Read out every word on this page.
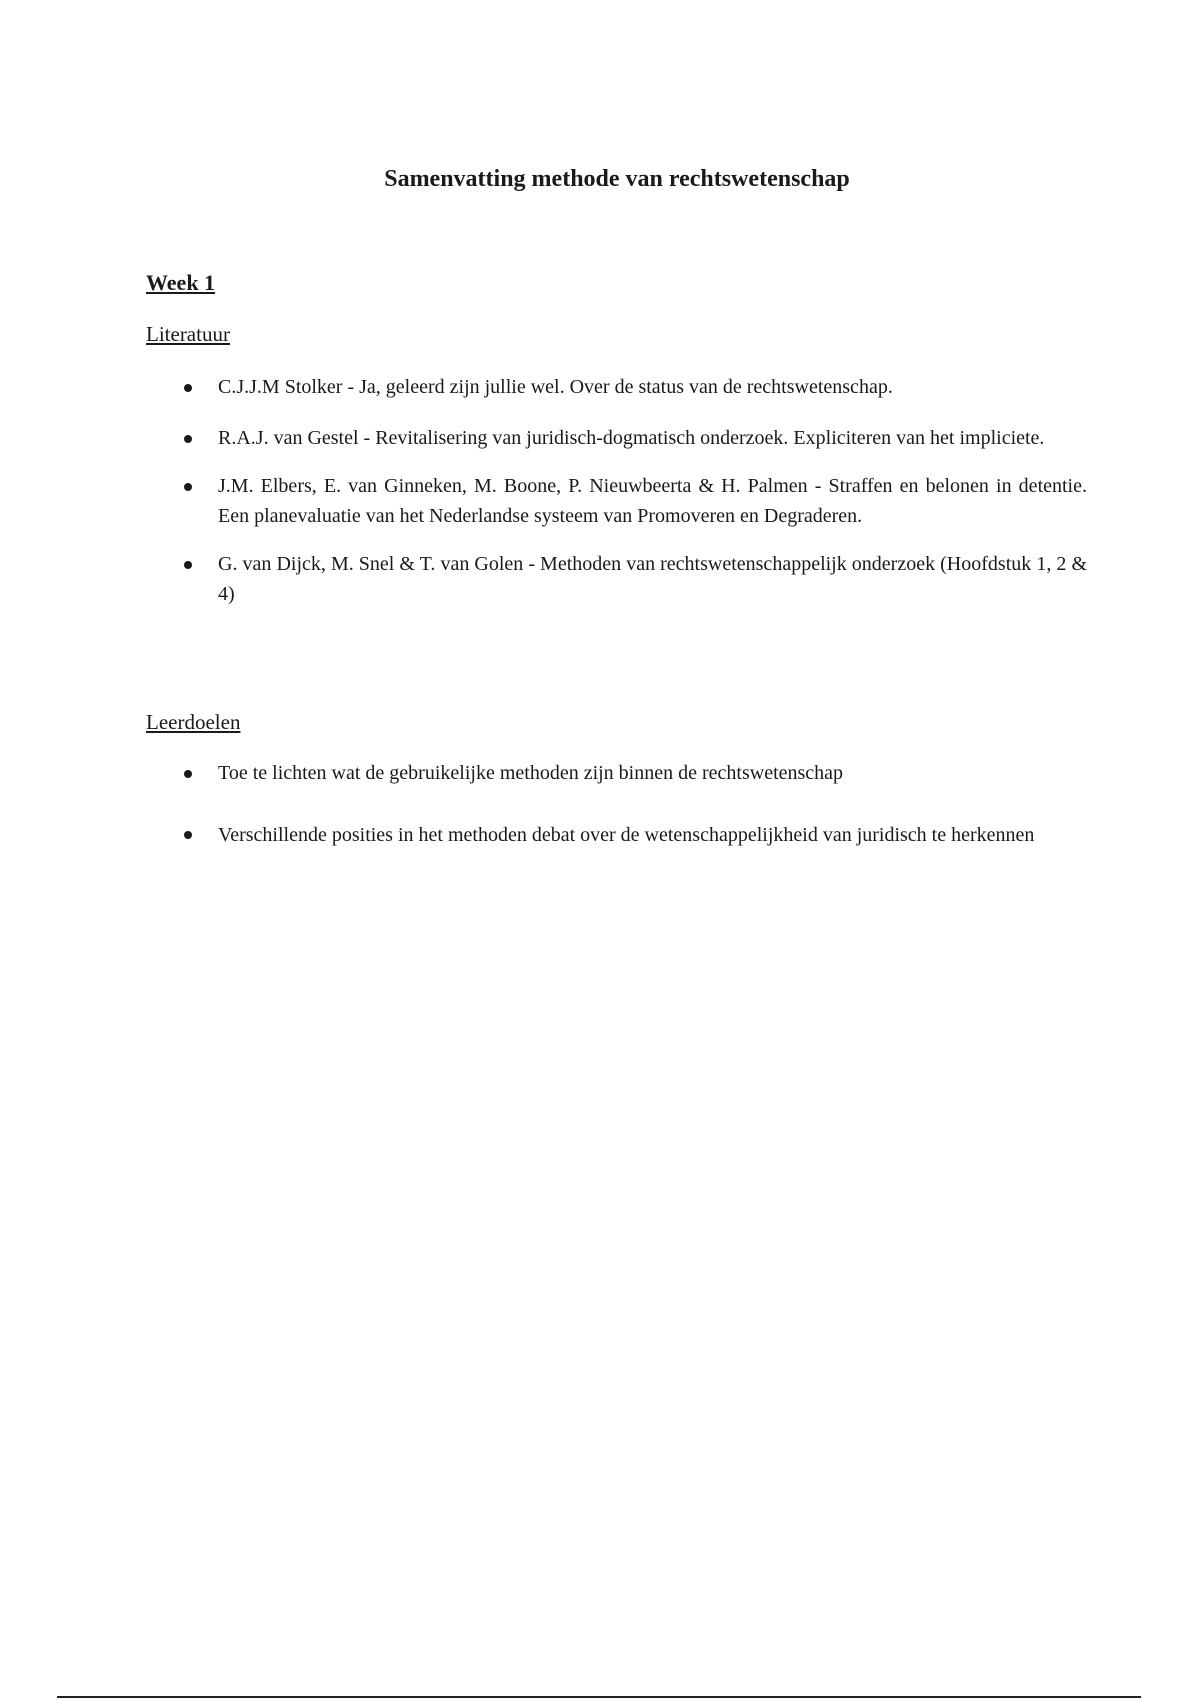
Samenvatting methode van rechtswetenschap
Week 1
Literatuur
C.J.J.M Stolker - Ja, geleerd zijn jullie wel. Over de status van de rechtswetenschap.
R.A.J. van Gestel - Revitalisering van juridisch-dogmatisch onderzoek. Expliciteren van het impliciete.
J.M. Elbers, E. van Ginneken, M. Boone, P. Nieuwbeerta & H. Palmen - Straffen en belonen in detentie. Een planevaluatie van het Nederlandse systeem van Promoveren en Degraderen.
G. van Dijck, M. Snel & T. van Golen - Methoden van rechtswetenschappelijk onderzoek (Hoofdstuk 1, 2 & 4)
Leerdoelen
Toe te lichten wat de gebruikelijke methoden zijn binnen de rechtswetenschap
Verschillende posities in het methoden debat over de wetenschappelijkheid van juridisch te herkennen
